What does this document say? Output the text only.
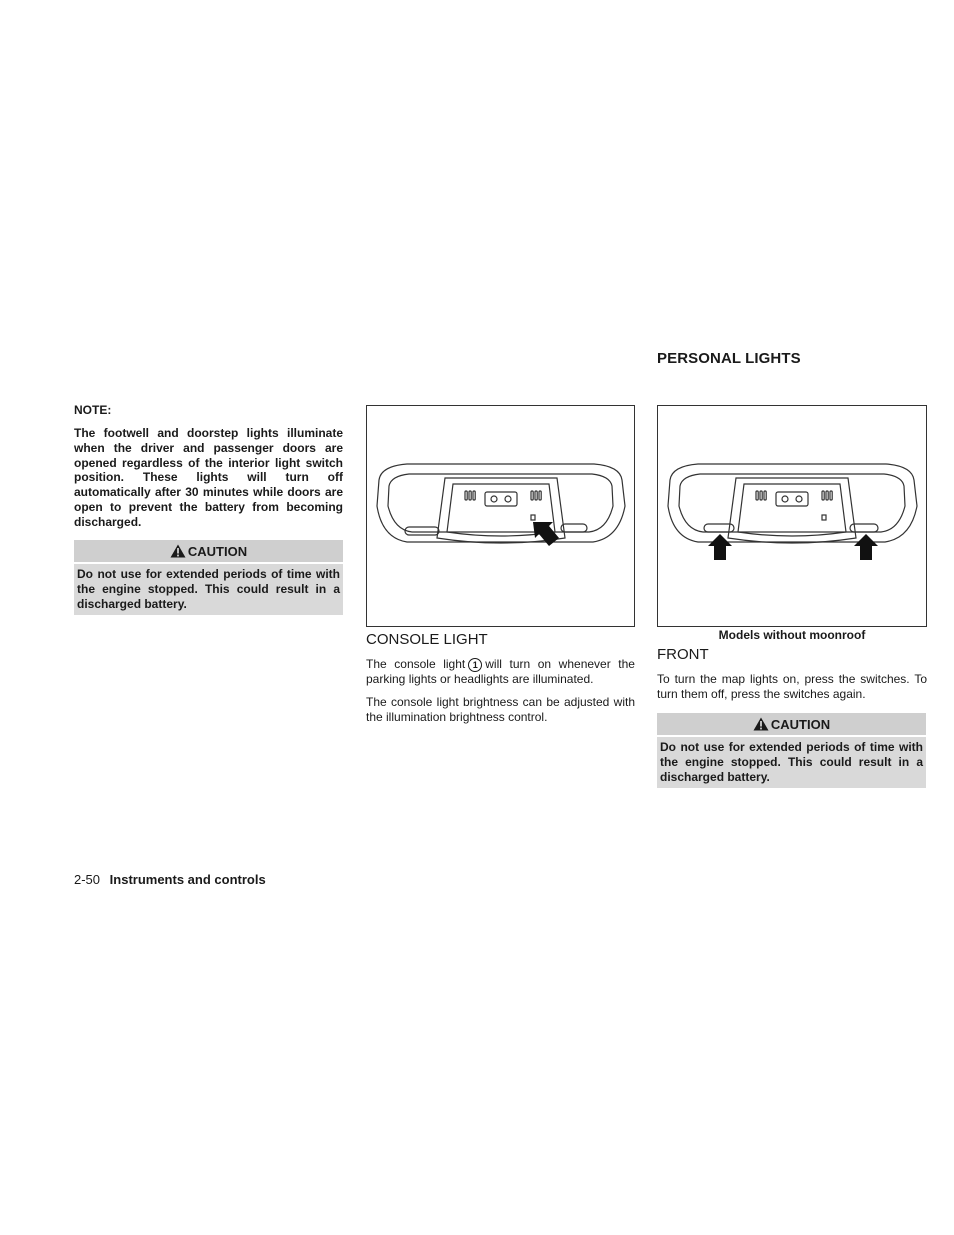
NOTE:

The footwell and doorstep lights illuminate when the driver and passenger doors are opened regardless of the interior light switch position. These lights will turn off automatically after 30 minutes while doors are open to prevent the battery from becoming discharged.

CAUTION

Do not use for extended periods of time with the engine stopped. This could result in a discharged battery.

CONSOLE LIGHT

The console light 1 will turn on whenever the parking lights or headlights are illuminated.

The console light brightness can be adjusted with the illumination brightness control.

PERSONAL LIGHTS
Models without moonroof
FRONT

To turn the map lights on, press the switches. To turn them off, press the switches again.

CAUTION

Do not use for extended periods of time with the engine stopped. This could result in a discharged battery.

2-50 Instruments and controls
